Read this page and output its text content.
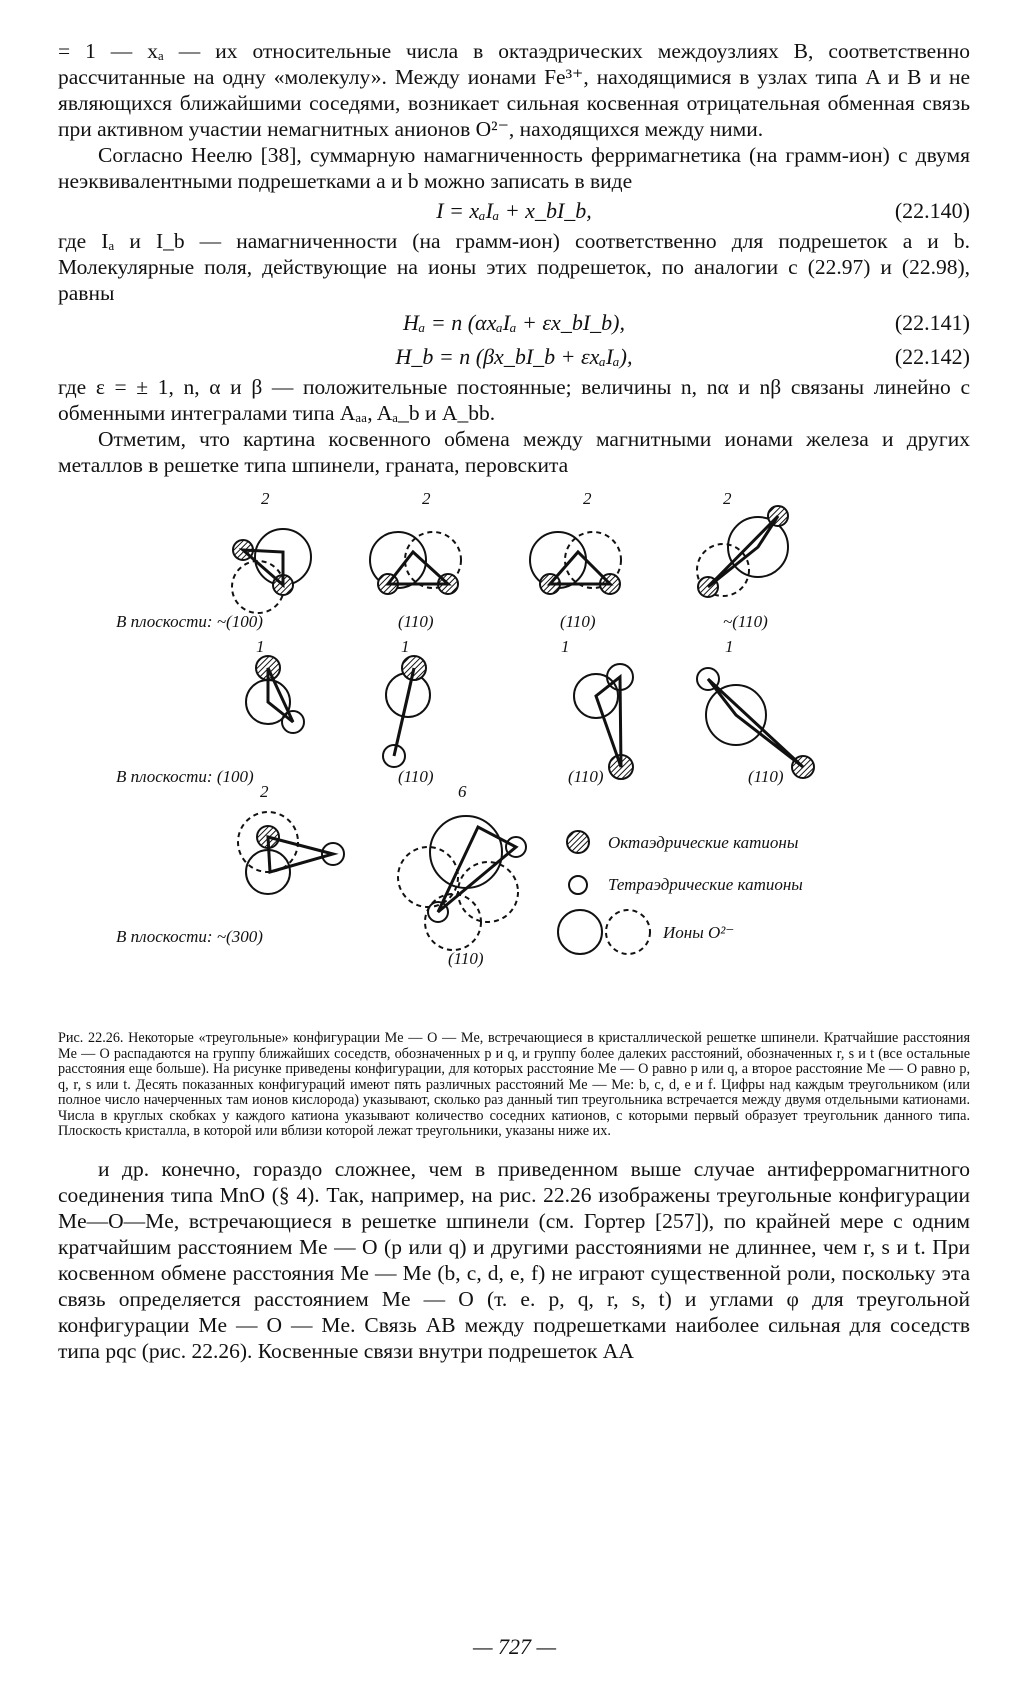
= 1 — xₐ — их относительные числа в октаэдрических междоузлиях B, соответственно рассчитанные на одну «молекулу». Между ионами Fe³⁺, находящимися в узлах типа A и B и не являющихся ближайшими соседями, возникает сильная косвенная отрицательная обменная связь при активном участии немагнитных анионов O²⁻, находящихся между ними.

Согласно Неелю [38], суммарную намагниченность ферримагнетика (на грамм-ион) с двумя неэквивалентными подрешетками a и b можно записать в виде

I = xₐIₐ + x_bI_b,	(22.140)

где Iₐ и I_b — намагниченности (на грамм-ион) соответственно для подрешеток a и b. Молекулярные поля, действующие на ионы этих подрешеток, по аналогии с (22.97) и (22.98), равны

Hₐ = n (αxₐIₐ + εx_bI_b),	(22.141)
H_b = n (βx_bI_b + εxₐIₐ),	(22.142)

где ε = ± 1, n, α и β — положительные постоянные; величины n, nα и nβ связаны линейно с обменными интегралами типа Aₐₐ, Aₐ_b и A_bb.

Отметим, что картина косвенного обмена между магнитными ионами железа и других металлов в решетке типа шпинели, граната, перовскита

2	2	2	2
1	1	1	1
2	6
В плоскости: ~(100)
В плоскости: (100)
В плоскости: ~(300)
(110)	(110)	~(110)
(110)	(110)	(110)
(110)
Октаэдрические катионы
Тетраэдрические катионы
Ионы O²⁻

Рис. 22.26. Некоторые «треугольные» конфигурации Me — O — Me, встречающиеся в кристаллической решетке шпинели. Кратчайшие расстояния Me — O распадаются на группу ближайших соседств, обозначенных p и q, и группу более далеких расстояний, обозначенных r, s и t (все остальные расстояния еще больше). На рисунке приведены конфигурации, для которых расстояние Me — O равно p или q, а второе расстояние Me — O равно p, q, r, s или t. Десять показанных конфигураций имеют пять различных расстояний Me — Me: b, c, d, e и f. Цифры над каждым треугольником (или полное число начерченных там ионов кислорода) указывают, сколько раз данный тип треугольника встречается между двумя отдельными катионами. Числа в круглых скобках у каждого катиона указывают количество соседних катионов, с которыми первый образует треугольник данного типа. Плоскость кристалла, в которой или вблизи которой лежат треугольники, указаны ниже их.

и др. конечно, гораздо сложнее, чем в приведенном выше случае антиферромагнитного соединения типа MnO (§ 4). Так, например, на рис. 22.26 изображены треугольные конфигурации Me—O—Me, встречающиеся в решетке шпинели (см. Гортер [257]), по крайней мере с одним кратчайшим расстоянием Me — O (p или q) и другими расстояниями не длиннее, чем r, s и t. При косвенном обмене расстояния Me — Me (b, c, d, e, f) не играют существенной роли, поскольку эта связь определяется расстоянием Me — O (т. е. p, q, r, s, t) и углами φ для треугольной конфигурации Me — O — Me. Связь AB между подрешетками наиболее сильная для соседств типа pqc (рис. 22.26). Косвенные связи внутри подрешеток AA

— 727 —
